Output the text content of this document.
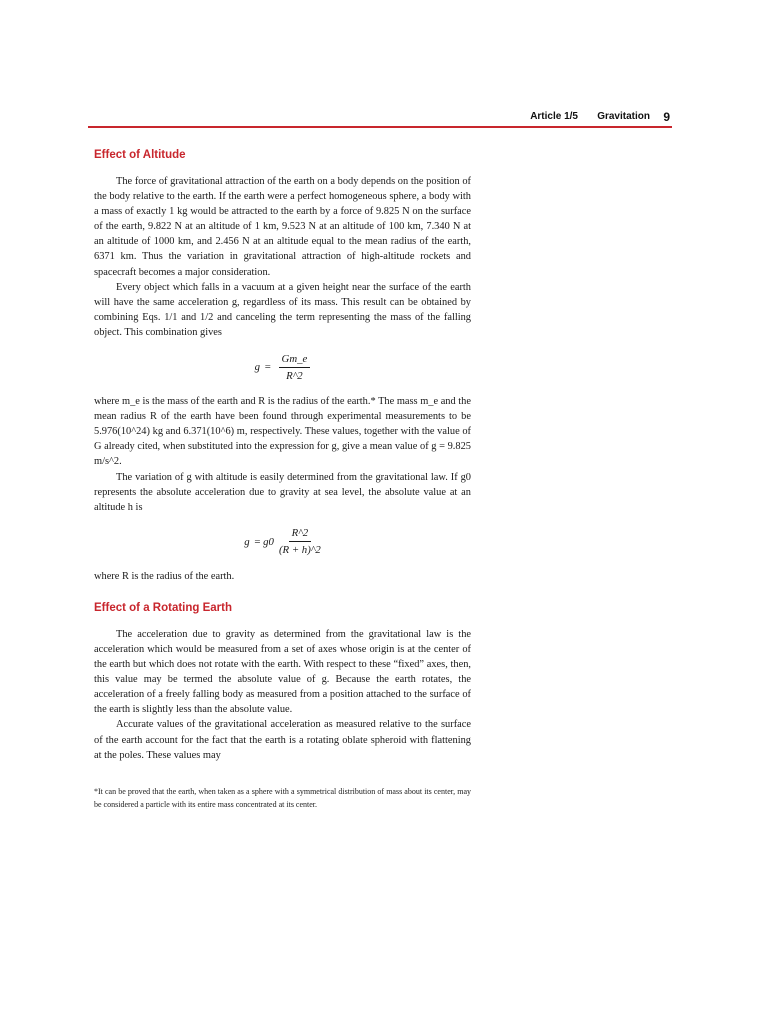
Article 1/5 Gravitation 9
Effect of Altitude

The force of gravitational attraction of the earth on a body depends on the position of the body relative to the earth. If the earth were a perfect homogeneous sphere, a body with a mass of exactly 1 kg would be attracted to the earth by a force of 9.825 N on the surface of the earth, 9.822 N at an altitude of 1 km, 9.523 N at an altitude of 100 km, 7.340 N at an altitude of 1000 km, and 2.456 N at an altitude equal to the mean radius of the earth, 6371 km. Thus the variation in gravitational attraction of high-altitude rockets and spacecraft becomes a major consideration.

Every object which falls in a vacuum at a given height near the surface of the earth will have the same acceleration g, regardless of its mass. This result can be obtained by combining Eqs. 1/1 and 1/2 and canceling the term representing the mass of the falling object. This combination gives

$g = \frac{Gm\_e}{R\^{}2}$

where m_e is the mass of the earth and R is the radius of the earth.* The mass m_e and the mean radius R of the earth have been found through experimental measurements to be 5.976(10^24) kg and 6.371(10^6) m, respectively. These values, together with the value of G already cited, when substituted into the expression for g, give a mean value of g = 9.825 m/s^2.

The variation of g with altitude is easily determined from the gravitational law. If g0 represents the absolute acceleration due to gravity at sea level, the absolute value at an altitude h is

$g = g0 \frac{R\^{}2}{(R + h)\^{}2}$

where R is the radius of the earth.

Effect of a Rotating Earth

The acceleration due to gravity as determined from the gravitational law is the acceleration which would be measured from a set of axes whose origin is at the center of the earth but which does not rotate with the earth. With respect to these “fixed” axes, then, this value may be termed the absolute value of g. Because the earth rotates, the acceleration of a freely falling body as measured from a position attached to the surface of the earth is slightly less than the absolute value.

Accurate values of the gravitational acceleration as measured relative to the surface of the earth account for the fact that the earth is a rotating oblate spheroid with flattening at the poles. These values may

*It can be proved that the earth, when taken as a sphere with a symmetrical distribution of mass about its center, may be considered a particle with its entire mass concentrated at its center.
